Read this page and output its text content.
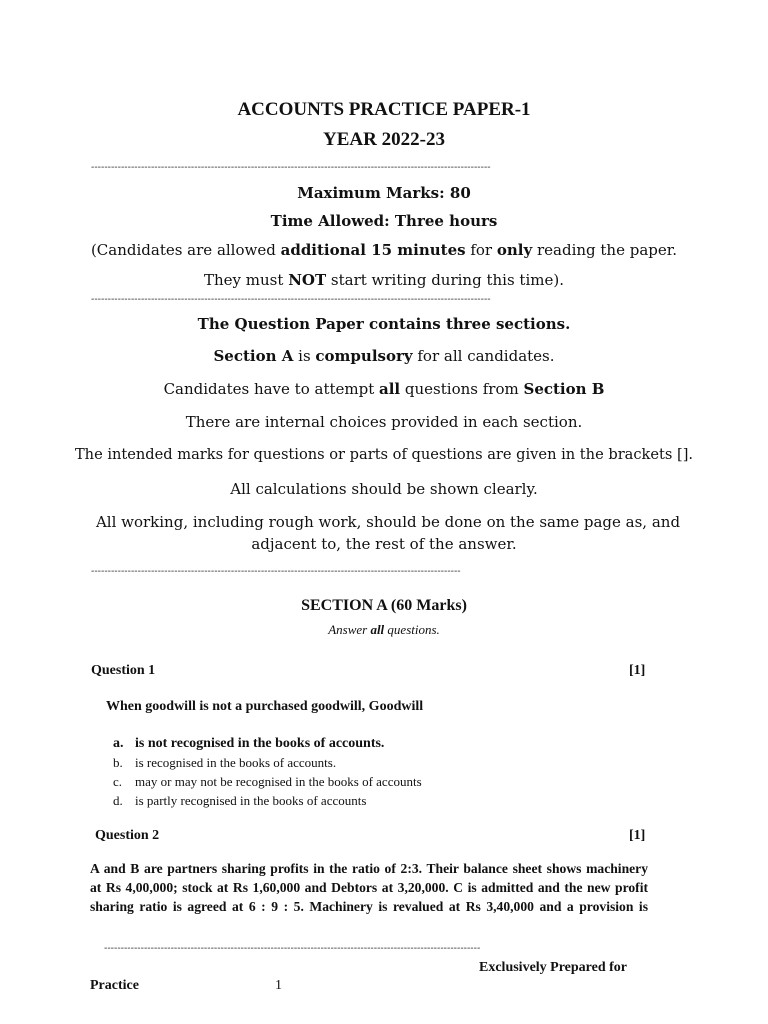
ACCOUNTS PRACTICE PAPER-1
YEAR 2022-23
------------------------------------------------------------------------------------------------------------------------
Maximum Marks: 80
Time Allowed: Three hours
(Candidates are allowed additional 15 minutes for only reading the paper.
They must NOT start writing during this time).
------------------------------------------------------------------------------------------------------------------------
The Question Paper contains three sections.
Section A is compulsory for all candidates.
Candidates have to attempt all questions from Section B
There are internal choices provided in each section.
The intended marks for questions or parts of questions are given in the brackets [].
All calculations should be shown clearly.
All working, including rough work, should be done on the same page as, and
adjacent to, the rest of the answer.
---------------------------------------------------------------------------------------------------------------
SECTION A (60 Marks)
Answer all questions.
Question 1	[1]
When goodwill is not a purchased goodwill, Goodwill
a. is not recognised in the books of accounts.
b. is recognised in the books of accounts.
c. may or may not be recognised in the books of accounts
d. is partly recognised in the books of accounts
Question 2	[1]
A and B are partners sharing profits in the ratio of 2:3. Their balance sheet shows machinery
at Rs 4,00,000; stock at Rs 1,60,000 and Debtors at 3,20,000. C is admitted and the new profit
sharing ratio is agreed at 6 : 9 : 5. Machinery is revalued at Rs 3,40,000 and a provision is
-----------------------------------------------------------------------------------------------------------------
Exclusively Prepared for
Practice	1
